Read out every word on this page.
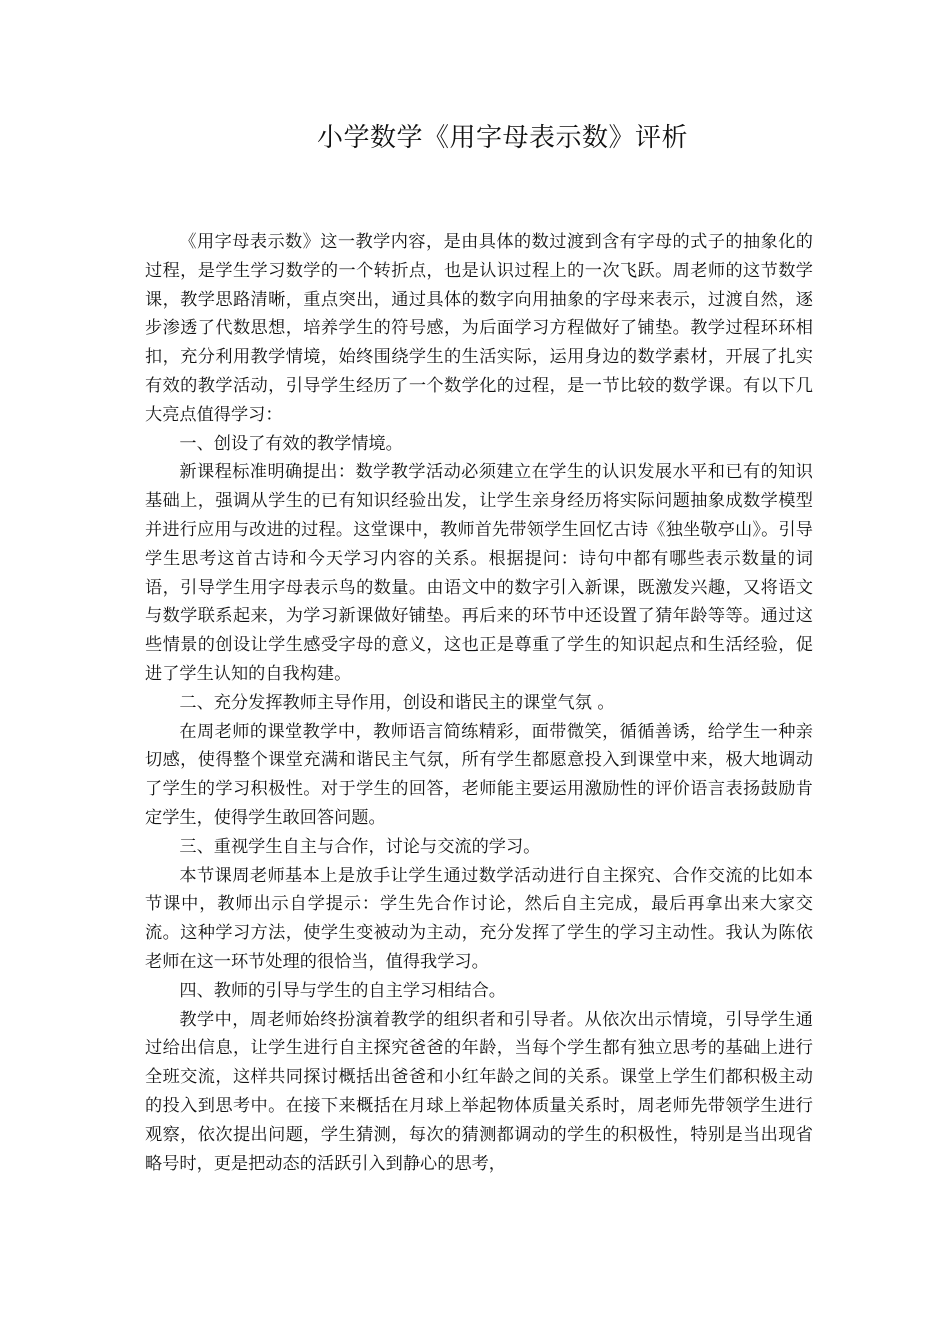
小学数学《用字母表示数》评析

《用字母表示数》这一教学内容，是由具体的数过渡到含有字母的式子的抽象化的过程，是学生学习数学的一个转折点，也是认识过程上的一次飞跃。周老师的这节数学课，教学思路清晰，重点突出，通过具体的数字向用抽象的字母来表示，过渡自然，逐步渗透了代数思想，培养学生的符号感，为后面学习方程做好了铺垫。教学过程环环相扣，充分利用教学情境，始终围绕学生的生活实际，运用身边的数学素材，开展了扎实有效的教学活动，引导学生经历了一个数学化的过程，是一节比较的数学课。有以下几大亮点值得学习：

一、创设了有效的教学情境。

新课程标准明确提出：数学教学活动必须建立在学生的认识发展水平和已有的知识基础上，强调从学生的已有知识经验出发，让学生亲身经历将实际问题抽象成数学模型并进行应用与改进的过程。这堂课中，教师首先带领学生回忆古诗《独坐敬亭山》。引导学生思考这首古诗和今天学习内容的关系。根据提问：诗句中都有哪些表示数量的词语，引导学生用字母表示鸟的数量。由语文中的数字引入新课，既激发兴趣，又将语文与数学联系起来，为学习新课做好铺垫。再后来的环节中还设置了猜年龄等等。通过这些情景的创设让学生感受字母的意义，这也正是尊重了学生的知识起点和生活经验，促进了学生认知的自我构建。

二、充分发挥教师主导作用，创设和谐民主的课堂气氛 。

在周老师的课堂教学中，教师语言简练精彩，面带微笑，循循善诱，给学生一种亲切感，使得整个课堂充满和谐民主气氛，所有学生都愿意投入到课堂中来，极大地调动了学生的学习积极性。对于学生的回答，老师能主要运用激励性的评价语言表扬鼓励肯定学生，使得学生敢回答问题。

三、重视学生自主与合作，讨论与交流的学习。

本节课周老师基本上是放手让学生通过数学活动进行自主探究、合作交流的比如本节课中，教师出示自学提示：学生先合作讨论，然后自主完成，最后再拿出来大家交流。这种学习方法，使学生变被动为主动，充分发挥了学生的学习主动性。我认为陈依老师在这一环节处理的很恰当，值得我学习。

四、教师的引导与学生的自主学习相结合。

教学中，周老师始终扮演着教学的组织者和引导者。从依次出示情境，引导学生通过给出信息，让学生进行自主探究爸爸的年龄，当每个学生都有独立思考的基础上进行全班交流，这样共同探讨概括出爸爸和小红年龄之间的关系。课堂上学生们都积极主动的投入到思考中。在接下来概括在月球上举起物体质量关系时，周老师先带领学生进行观察，依次提出问题，学生猜测，每次的猜测都调动的学生的积极性，特别是当出现省略号时，更是把动态的活跃引入到静心的思考，
